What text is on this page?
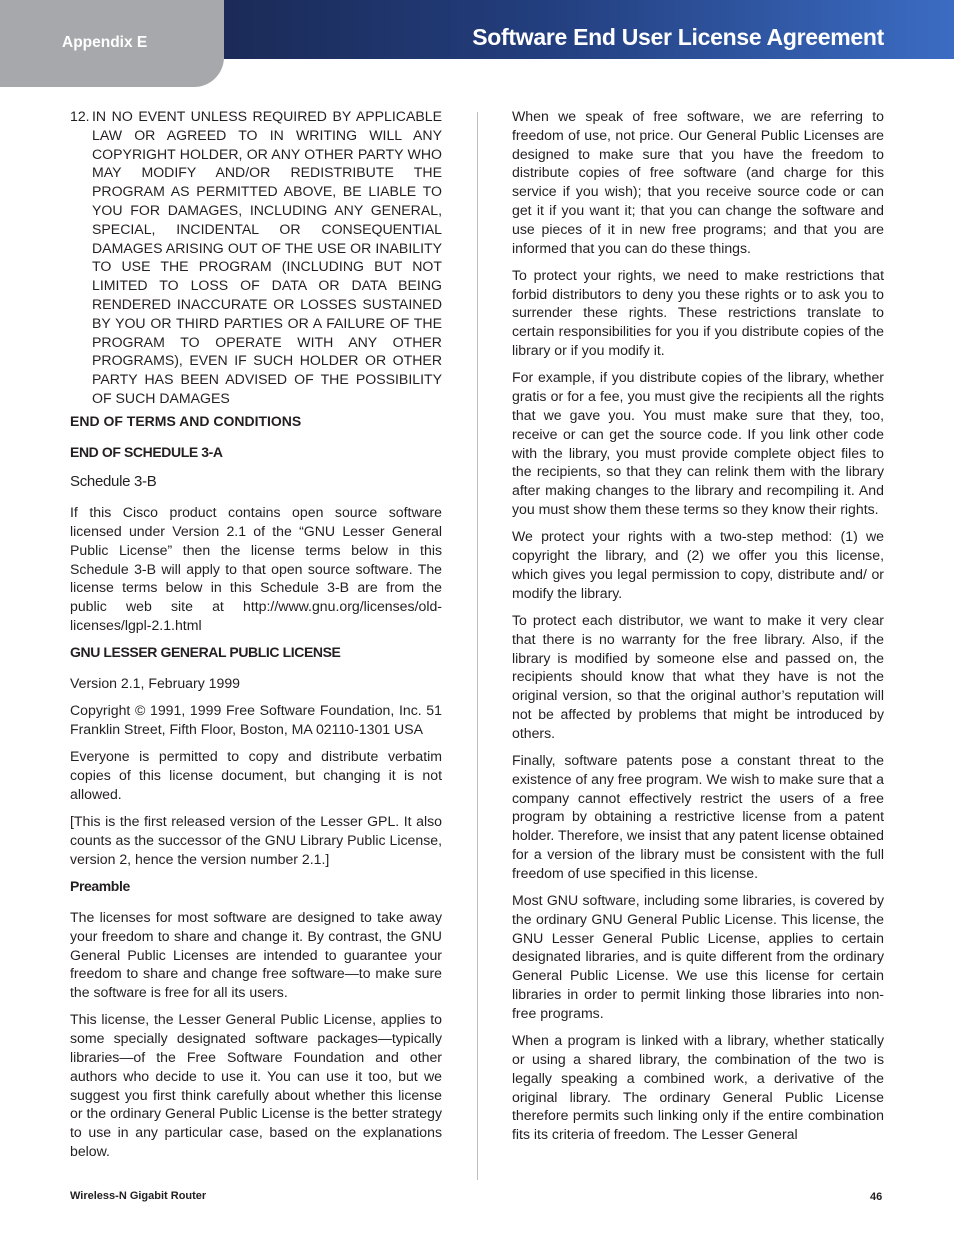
Appendix E	Software End User License Agreement
12. IN NO EVENT UNLESS REQUIRED BY APPLICABLE LAW OR AGREED TO IN WRITING WILL ANY COPYRIGHT HOLDER, OR ANY OTHER PARTY WHO MAY MODIFY AND/OR REDISTRIBUTE THE PROGRAM AS PERMITTED ABOVE, BE LIABLE TO YOU FOR DAMAGES, INCLUDING ANY GENERAL, SPECIAL, INCIDENTAL OR CONSEQUENTIAL DAMAGES ARISING OUT OF THE USE OR INABILITY TO USE THE PROGRAM (INCLUDING BUT NOT LIMITED TO LOSS OF DATA OR DATA BEING RENDERED INACCURATE OR LOSSES SUSTAINED BY YOU OR THIRD PARTIES OR A FAILURE OF THE PROGRAM TO OPERATE WITH ANY OTHER PROGRAMS), EVEN IF SUCH HOLDER OR OTHER PARTY HAS BEEN ADVISED OF THE POSSIBILITY OF SUCH DAMAGES
END OF TERMS AND CONDITIONS
END OF SCHEDULE 3-A
Schedule 3-B

If this Cisco product contains open source software licensed under Version 2.1 of the “GNU Lesser General Public License” then the license terms below in this Schedule 3-B will apply to that open source software. The license terms below in this Schedule 3-B are from the public web site at http://www.gnu.org/licenses/old-licenses/lgpl-2.1.html

GNU LESSER GENERAL PUBLIC LICENSE

Version 2.1, February 1999

Copyright © 1991, 1999 Free Software Foundation, Inc. 51 Franklin Street, Fifth Floor, Boston, MA 02110-1301 USA

Everyone is permitted to copy and distribute verbatim copies of this license document, but changing it is not allowed.

[This is the first released version of the Lesser GPL. It also counts as the successor of the GNU Library Public License, version 2, hence the version number 2.1.]

Preamble

The licenses for most software are designed to take away your freedom to share and change it. By contrast, the GNU General Public Licenses are intended to guarantee your freedom to share and change free software—to make sure the software is free for all its users.

This license, the Lesser General Public License, applies to some specially designated software packages—typically libraries—of the Free Software Foundation and other authors who decide to use it. You can use it too, but we suggest you first think carefully about whether this license or the ordinary General Public License is the better strategy to use in any particular case, based on the explanations below.

When we speak of free software, we are referring to freedom of use, not price. Our General Public Licenses are designed to make sure that you have the freedom to distribute copies of free software (and charge for this service if you wish); that you receive source code or can get it if you want it; that you can change the software and use pieces of it in new free programs; and that you are informed that you can do these things.

To protect your rights, we need to make restrictions that forbid distributors to deny you these rights or to ask you to surrender these rights. These restrictions translate to certain responsibilities for you if you distribute copies of the library or if you modify it.

For example, if you distribute copies of the library, whether gratis or for a fee, you must give the recipients all the rights that we gave you. You must make sure that they, too, receive or can get the source code. If you link other code with the library, you must provide complete object files to the recipients, so that they can relink them with the library after making changes to the library and recompiling it. And you must show them these terms so they know their rights.

We protect your rights with a two-step method: (1) we copyright the library, and (2) we offer you this license, which gives you legal permission to copy, distribute and/ or modify the library.

To protect each distributor, we want to make it very clear that there is no warranty for the free library. Also, if the library is modified by someone else and passed on, the recipients should know that what they have is not the original version, so that the original author’s reputation will not be affected by problems that might be introduced by others.

Finally, software patents pose a constant threat to the existence of any free program. We wish to make sure that a company cannot effectively restrict the users of a free program by obtaining a restrictive license from a patent holder. Therefore, we insist that any patent license obtained for a version of the library must be consistent with the full freedom of use specified in this license.

Most GNU software, including some libraries, is covered by the ordinary GNU General Public License. This license, the GNU Lesser General Public License, applies to certain designated libraries, and is quite different from the ordinary General Public License. We use this license for certain libraries in order to permit linking those libraries into non-free programs.

When a program is linked with a library, whether statically or using a shared library, the combination of the two is legally speaking a combined work, a derivative of the original library. The ordinary General Public License therefore permits such linking only if the entire combination fits its criteria of freedom. The Lesser General

Wireless-N Gigabit Router	46
